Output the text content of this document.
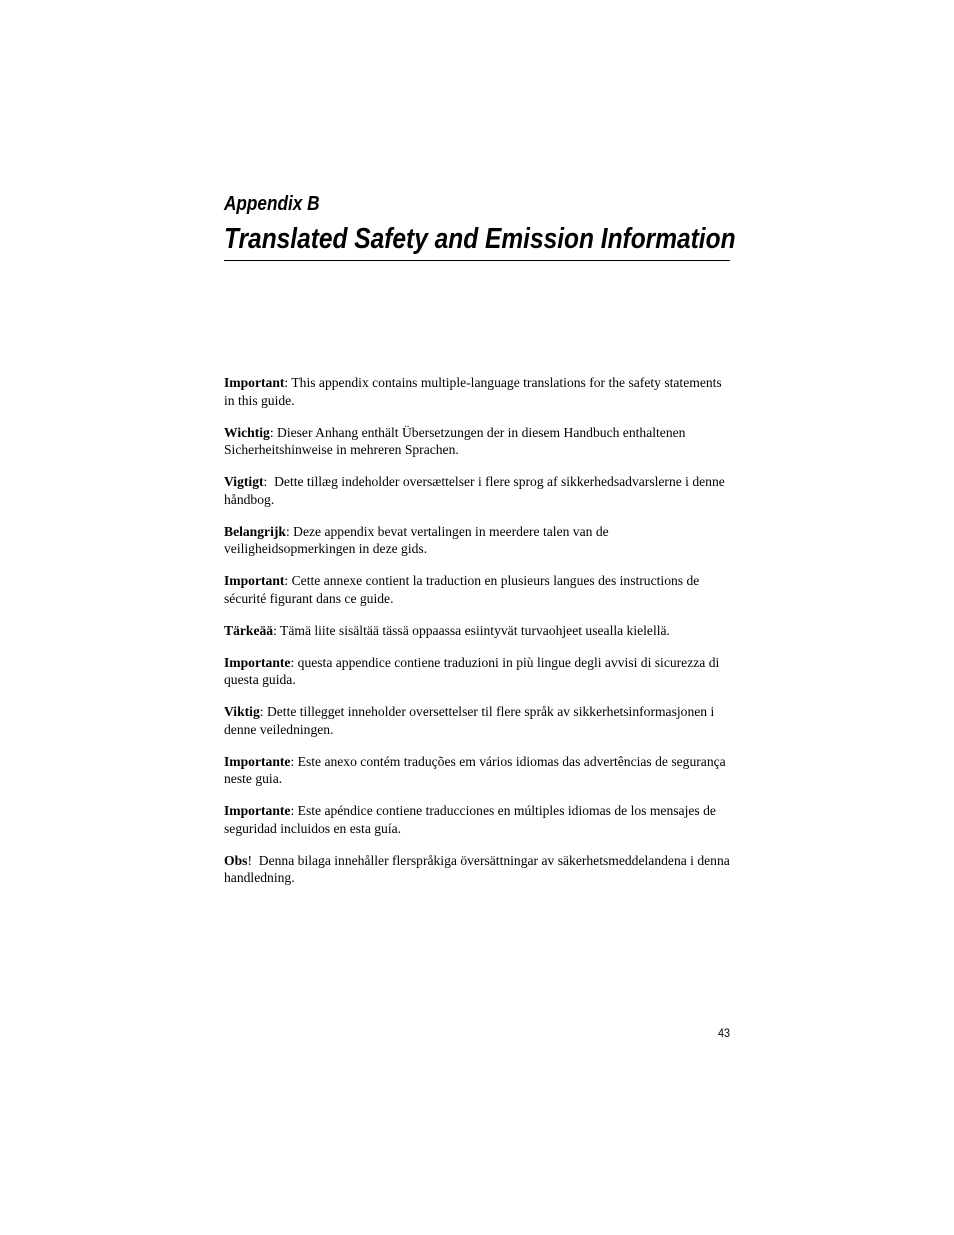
Appendix B
Translated Safety and Emission Information

Important: This appendix contains multiple-language translations for the safety statements in this guide.

Wichtig: Dieser Anhang enthält Übersetzungen der in diesem Handbuch enthaltenen Sicherheitshinweise in mehreren Sprachen.

Vigtigt:  Dette tillæg indeholder oversættelser i flere sprog af sikkerhedsadvarslerne i denne håndbog.

Belangrijk: Deze appendix bevat vertalingen in meerdere talen van de veiligheidsopmerkingen in deze gids.

Important: Cette annexe contient la traduction en plusieurs langues des instructions de sécurité figurant dans ce guide.

Tärkeää: Tämä liite sisältää tässä oppaassa esiintyvät turvaohjeet usealla kielellä.

Importante: questa appendice contiene traduzioni in più lingue degli avvisi di sicurezza di questa guida.

Viktig: Dette tillegget inneholder oversettelser til flere språk av sikkerhetsinformasjonen i denne veiledningen.

Importante: Este anexo contém traduções em vários idiomas das advertências de segurança neste guia.

Importante: Este apéndice contiene traducciones en múltiples idiomas de los mensajes de seguridad incluidos en esta guía.

Obs!  Denna bilaga innehåller flerspråkiga översättningar av säkerhetsmeddelandena i denna handledning.

43
